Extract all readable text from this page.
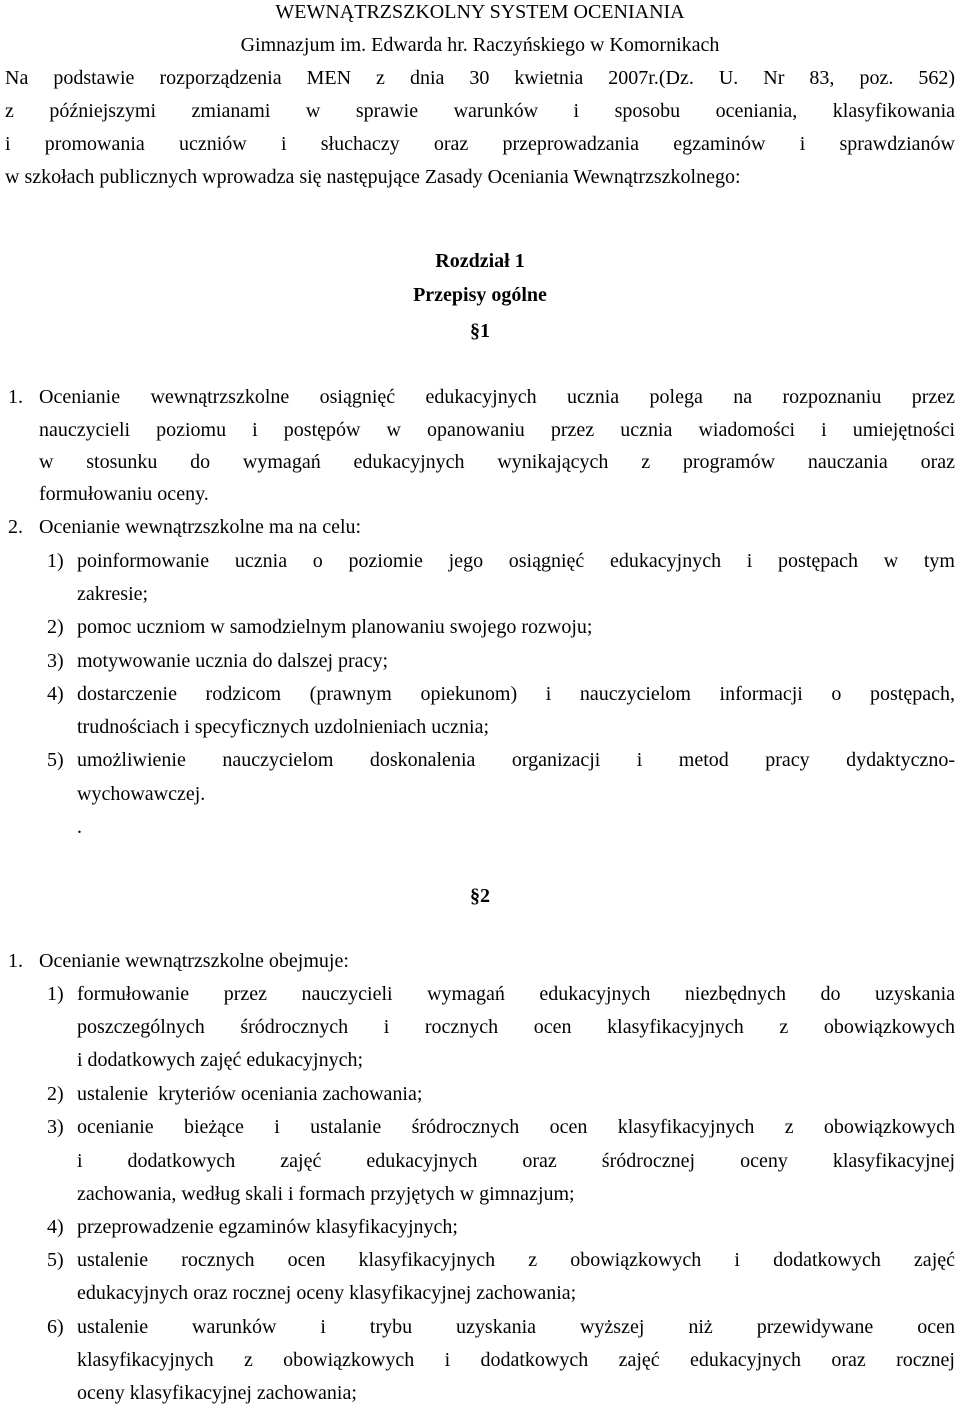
WEWNĄTRZSZKOLNY SYSTEM OCENIANIA
Gimnazjum im. Edwarda hr. Raczyńskiego w Komornikach
Na podstawie rozporządzenia MEN z dnia 30 kwietnia 2007r.(Dz. U. Nr 83, poz. 562)
z późniejszymi zmianami w sprawie warunków i sposobu oceniania, klasyfikowania
i promowania uczniów i słuchaczy oraz przeprowadzania egzaminów i sprawdzianów
w szkołach publicznych wprowadza się następujące Zasady Oceniania Wewnątrzszkolnego:
Rozdział 1
Przepisy ogólne
§1
1. Ocenianie wewnątrzszkolne osiągnięć edukacyjnych ucznia polega na rozpoznaniu przez
nauczycieli poziomu i postępów w opanowaniu przez ucznia wiadomości i umiejętności
w stosunku do wymagań edukacyjnych wynikających z programów nauczania oraz
formułowaniu oceny.
2. Ocenianie wewnątrzszkolne ma na celu:
1) poinformowanie ucznia o poziomie jego osiągnięć edukacyjnych i postępach w tym
zakresie;
2) pomoc uczniom w samodzielnym planowaniu swojego rozwoju;
3) motywowanie ucznia do dalszej pracy;
4) dostarczenie rodzicom (prawnym opiekunom) i nauczycielom informacji o postępach,
trudnościach i specyficznych uzdolnieniach ucznia;
5) umożliwienie nauczycielom doskonalenia organizacji i metod pracy dydaktyczno-
wychowawczej.
.
§2
1. Ocenianie wewnątrzszkolne obejmuje:
1) formułowanie przez nauczycieli wymagań edukacyjnych niezbędnych do uzyskania
poszczególnych śródrocznych i rocznych ocen klasyfikacyjnych z obowiązkowych
i dodatkowych zajęć edukacyjnych;
2) ustalenie  kryteriów oceniania zachowania;
3) ocenianie bieżące i ustalanie śródrocznych ocen klasyfikacyjnych z obowiązkowych
i dodatkowych zajęć edukacyjnych oraz śródrocznej oceny klasyfikacyjnej
zachowania, według skali i formach przyjętych w gimnazjum;
4) przeprowadzenie egzaminów klasyfikacyjnych;
5) ustalenie rocznych ocen klasyfikacyjnych z obowiązkowych i dodatkowych zajęć
edukacyjnych oraz rocznej oceny klasyfikacyjnej zachowania;
6) ustalenie warunków i trybu uzyskania wyższej niż przewidywane ocen
klasyfikacyjnych z obowiązkowych i dodatkowych zajęć edukacyjnych oraz rocznej
oceny klasyfikacyjnej zachowania;
